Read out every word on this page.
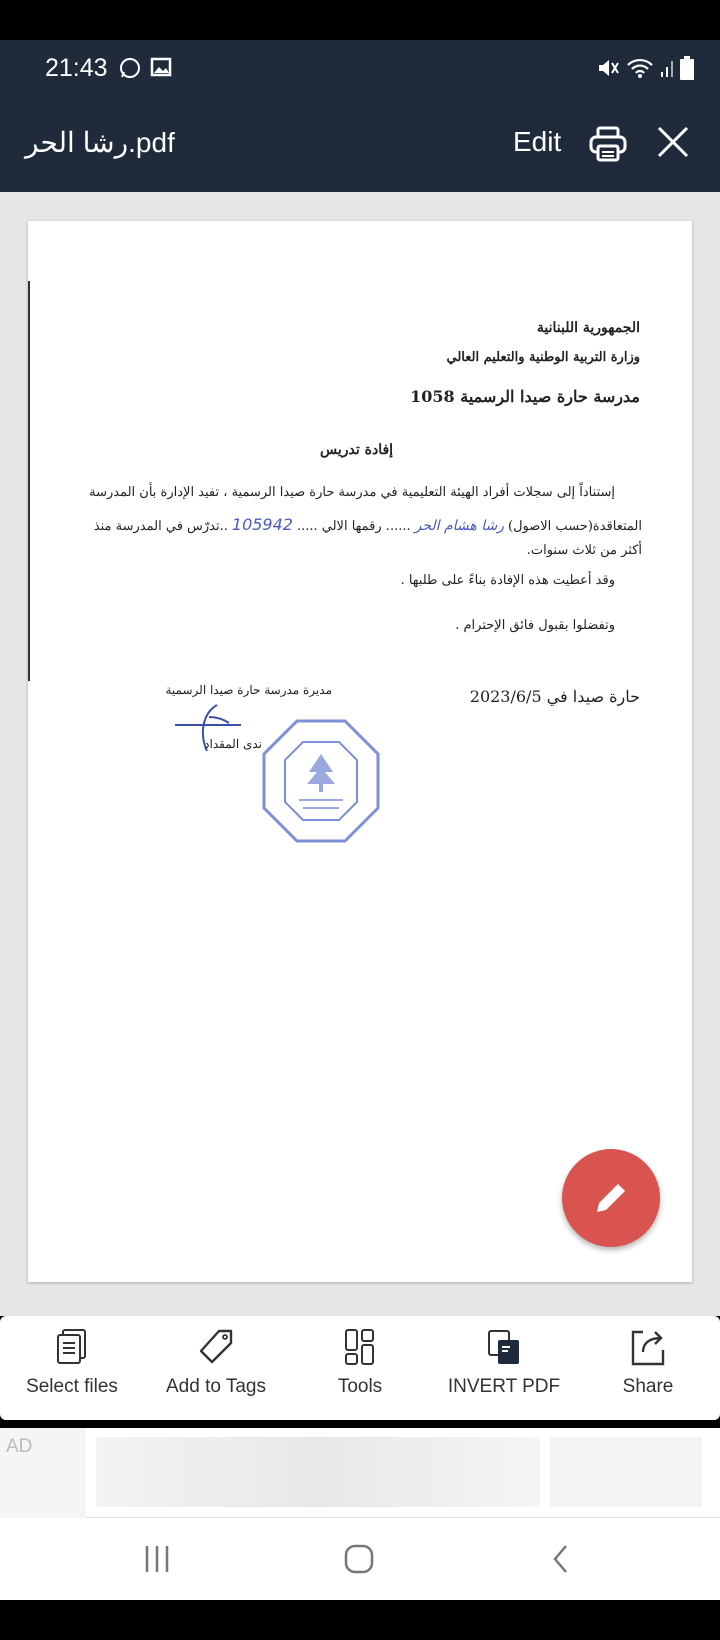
21:43
رشا الحر.pdf	Edit
الجمهورية اللبنانية
وزارة التربية الوطنية والتعليم العالي
مدرسة حارة صيدا الرسمية 1058
إفادة تدريس
إستناداً إلى سجلات أفراد الهيئة التعليمية في مدرسة حارة صيدا الرسمية ، تفيد الإدارة بأن المدرسة
المتعاقدة(حسب الاصول)
رشا هشام الحر
...... رقمها الالي .....
105942
..تدرّس في المدرسة منذ
أكثر من ثلاث سنوات.
وقد أعطيت هذه الإفادة بناءً على طلبها .
وتفضلوا بقبول فائق الإحترام .
حارة صيدا في 2023/6/5
مديرة مدرسة حارة صيدا الرسمية
ندى المقداد
Select files	Add to Tags	Tools	INVERT PDF	Share
AD
